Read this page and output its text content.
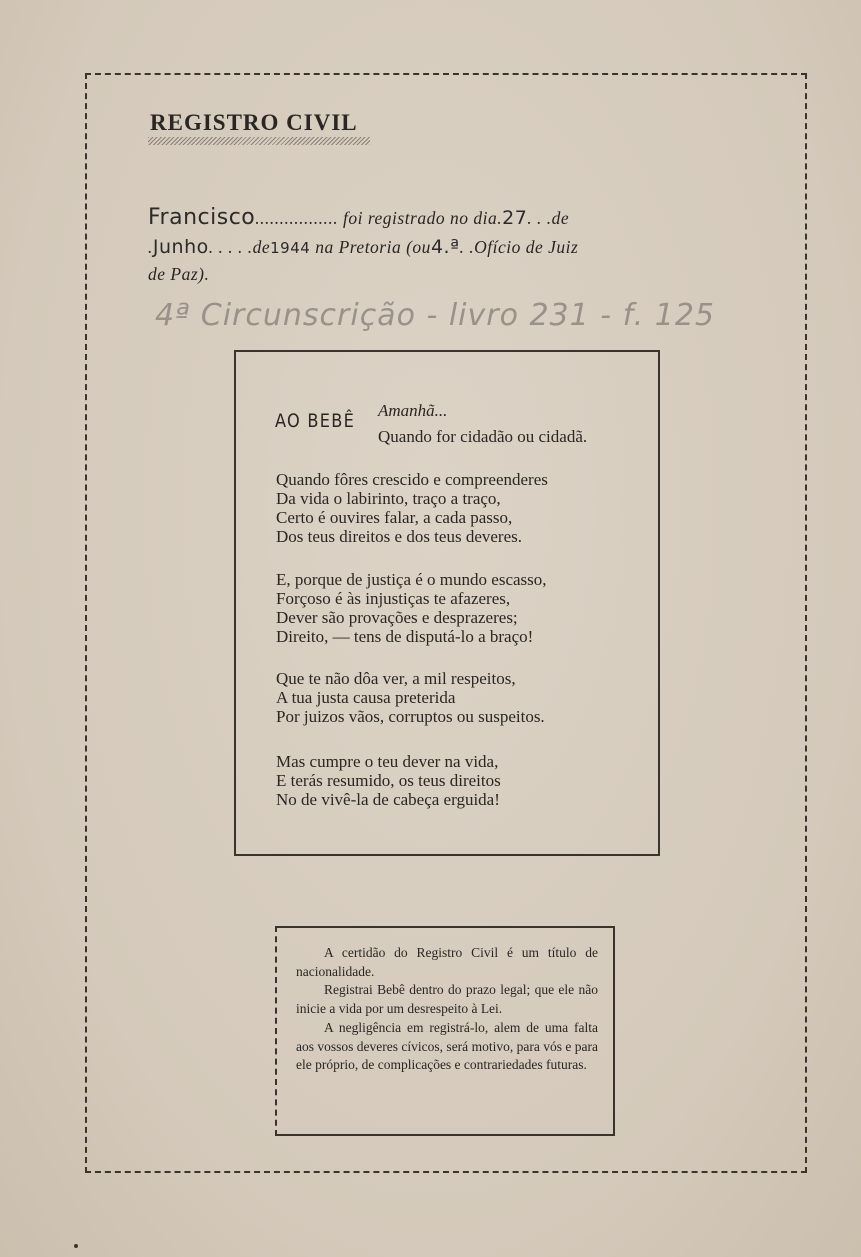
REGISTRO CIVIL
Francisco................. foi registrado no dia.27. . .de
.Junho. . . . .de1944 na Pretoria (ou4.ª. .Ofício de Juiz
de Paz).
4ª Circunscrição - livro 231 - f. 125
AO BEBÊ Amanhã...
Quando for cidadão ou cidadã.
Quando fôres crescido e compreenderes
Da vida o labirinto, traço a traço,
Certo é ouvires falar, a cada passo,
Dos teus direitos e dos teus deveres.
E, porque de justiça é o mundo escasso,
Forçoso é às injustiças te afazeres,
Dever são provações e desprazeres;
Direito, — tens de disputá-lo a braço!
Que te não dôa ver, a mil respeitos,
A tua justa causa preterida
Por juizos vãos, corruptos ou suspeitos.
Mas cumpre o teu dever na vida,
E terás resumido, os teus direitos
No de vivê-la de cabeça erguida!

A certidão do Registro Civil é um título de nacionalidade.

Registrai Bebê dentro do prazo legal; que ele não inicie a vida por um desrespeito à Lei.

A negligência em registrá-lo, alem de uma falta aos vossos deveres cívicos, será motivo, para vós e para ele próprio, de complicações e contrariedades futuras.
